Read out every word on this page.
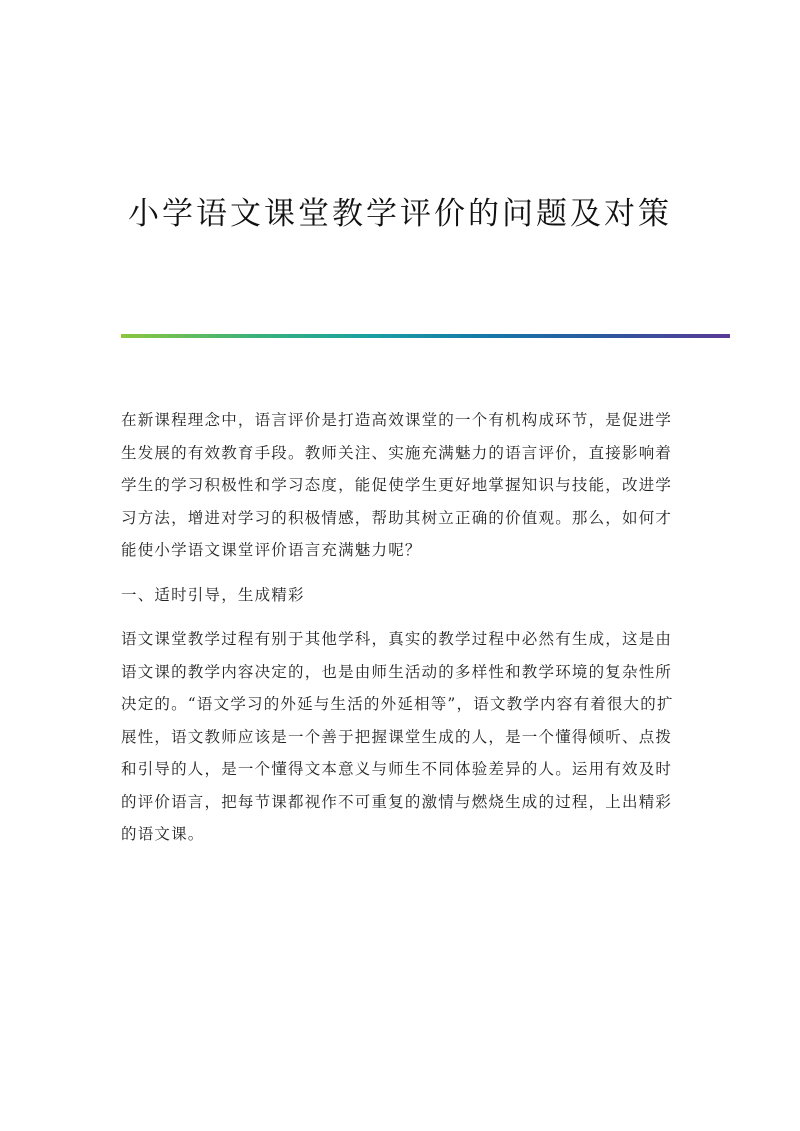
小学语文课堂教学评价的问题及对策

在新课程理念中，语言评价是打造高效课堂的一个有机构成环节，是促进学生发展的有效教育手段。教师关注、实施充满魅力的语言评价，直接影响着学生的学习积极性和学习态度，能促使学生更好地掌握知识与技能，改进学习方法，增进对学习的积极情感，帮助其树立正确的价值观。那么，如何才能使小学语文课堂评价语言充满魅力呢？

一、适时引导，生成精彩

语文课堂教学过程有别于其他学科，真实的教学过程中必然有生成，这是由语文课的教学内容决定的，也是由师生活动的多样性和教学环境的复杂性所决定的。“语文学习的外延与生活的外延相等”，语文教学内容有着很大的扩展性，语文教师应该是一个善于把握课堂生成的人，是一个懂得倾听、点拨和引导的人，是一个懂得文本意义与师生不同体验差异的人。运用有效及时的评价语言，把每节课都视作不可重复的激情与燃烧生成的过程，上出精彩的语文课。
